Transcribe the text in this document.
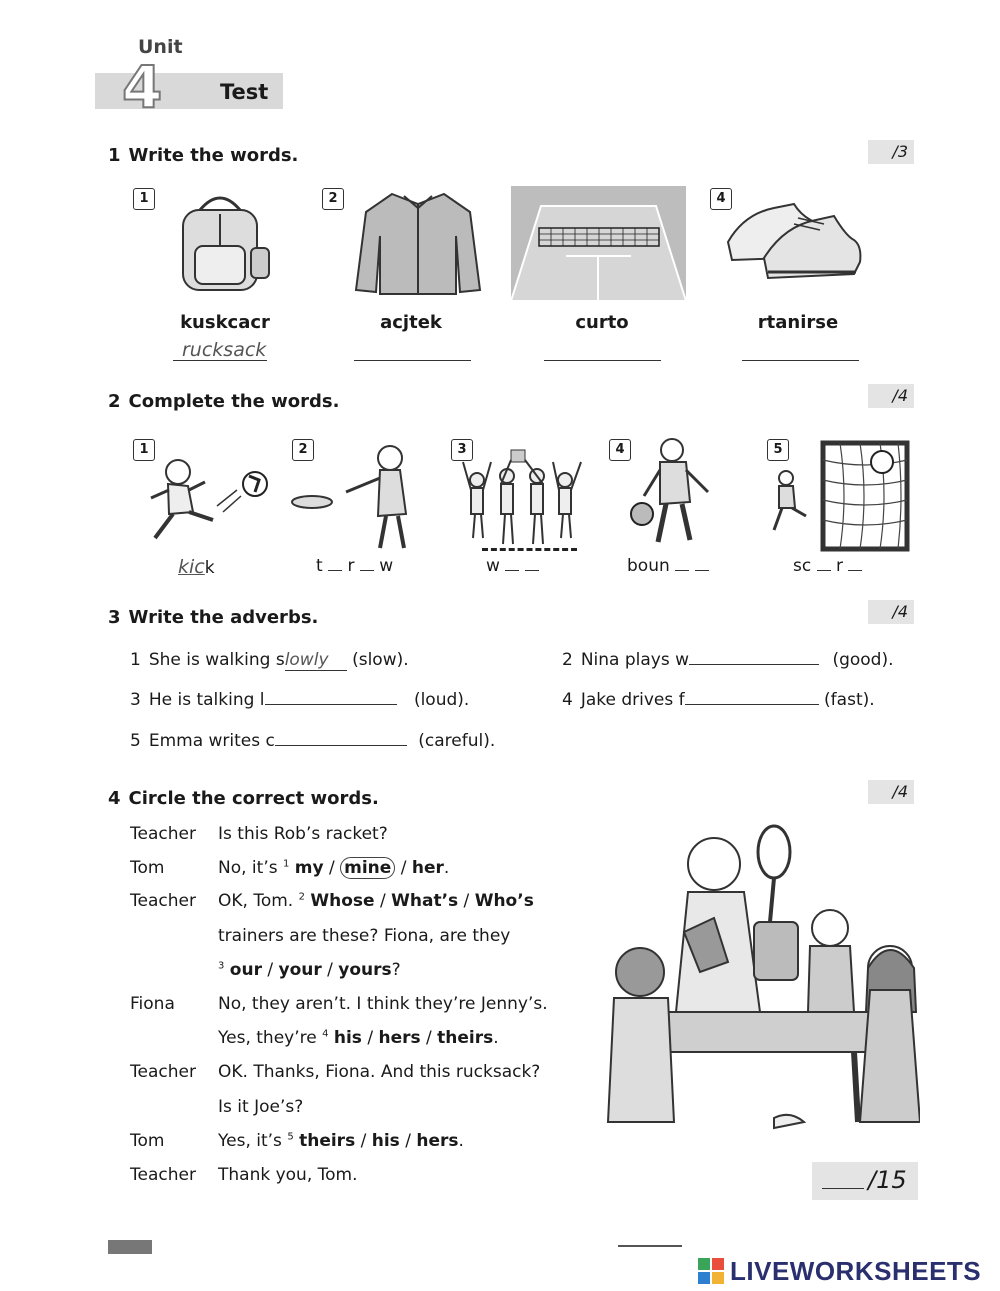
Unit
4	Test
1 Write the words.	/3
1	2	4
kuskcacr	acjtek	curto	rtanirse
rucksack
2 Complete the words.	/4
1	2	3	4	5
kick	t r w	w	boun	sc r
3 Write the adverbs.	/4
1 She is walking slowly (slow).	2 Nina plays w	(good).
3 He is talking l	(loud).	4 Jake drives f	(fast).
5 Emma writes c	(careful).
4 Circle the correct words.	/4
Teacher Is this Rob’s racket?
Tom	No, it’s $^1$ my / mine / her.
Teacher OK, Tom. $^2$ Whose / What’s / Who’s
trainers are these? Fiona, are they
$^3$ our / your / yours?
Fiona	No, they aren’t. I think they’re Jenny’s.
Yes, they’re $^4$ his / hers / theirs.
Teacher OK. Thanks, Fiona. And this rucksack?
Is it Joe’s?
Tom	Yes, it’s $^5$ theirs / his / hers.
Teacher Thank you, Tom.	/15
LIVEWORKSHEETS
